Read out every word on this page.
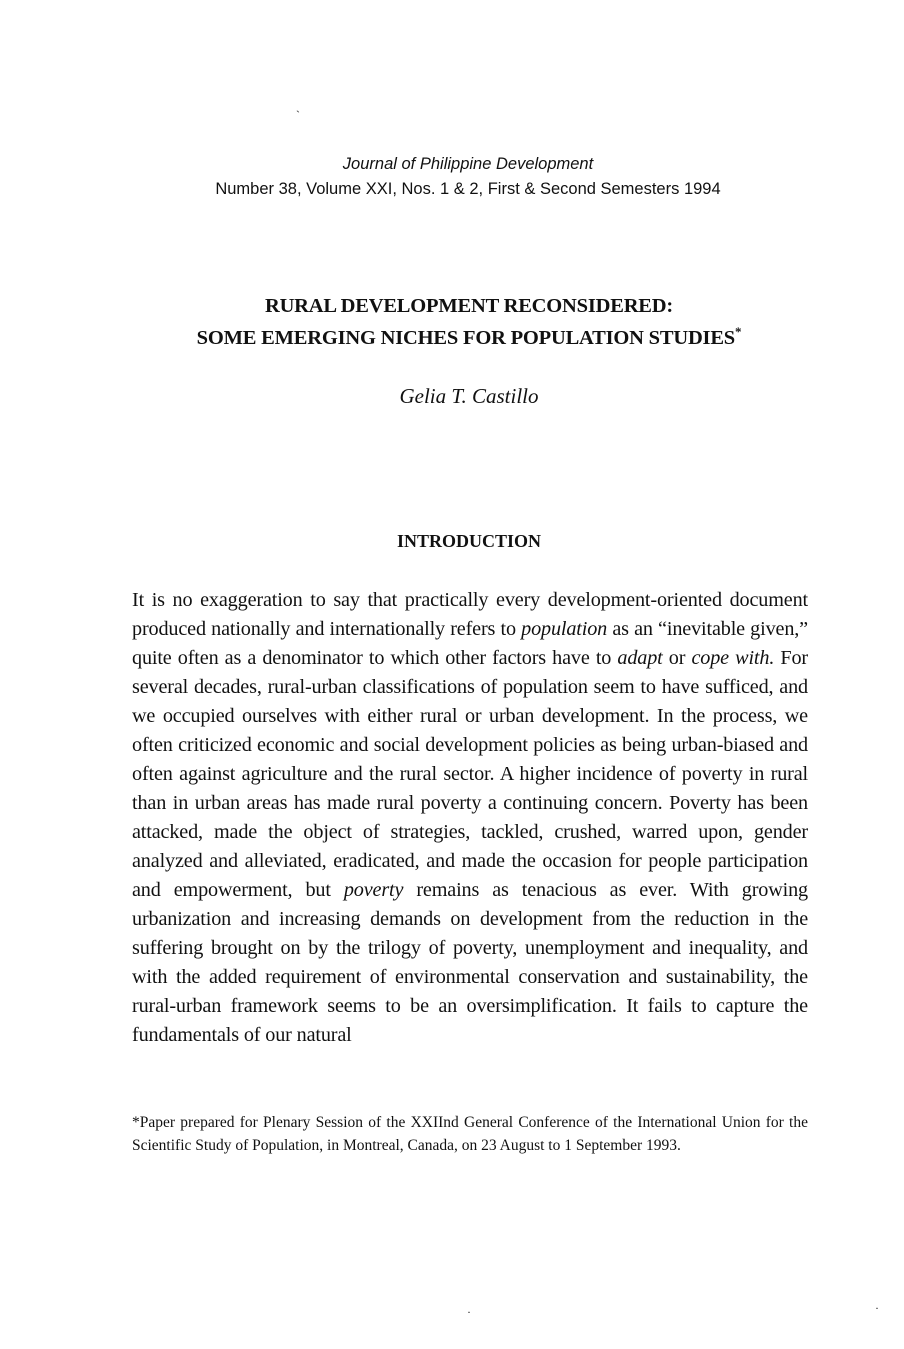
ˏ
Journal of Philippine Development
Number 38, Volume XXI, Nos. 1 & 2, First & Second Semesters 1994
RURAL DEVELOPMENT RECONSIDERED:
SOME EMERGING NICHES FOR POPULATION STUDIES*
Gelia T. Castillo
INTRODUCTION

It is no exaggeration to say that practically every development-oriented document produced nationally and internationally refers to population as an “inevitable given,” quite often as a denominator to which other factors have to adapt or cope with. For several decades, rural-urban classifications of population seem to have sufficed, and we occupied ourselves with either rural or urban development. In the process, we often criticized economic and social development policies as being urban-biased and often against agriculture and the rural sector. A higher incidence of poverty in rural than in urban areas has made rural poverty a continuing concern. Poverty has been attacked, made the object of strategies, tackled, crushed, warred upon, gender analyzed and alleviated, eradicated, and made the occasion for people participation and empowerment, but poverty remains as tenacious as ever. With growing urbanization and increasing demands on development from the reduction in the suffering brought on by the trilogy of poverty, unemployment and inequality, and with the added requirement of environmental conservation and sustainability, the rural-urban framework seems to be an oversimplification. It fails to capture the fundamentals of our natural

*Paper prepared for Plenary Session of the XXIInd General Conference of the International Union for the Scientific Study of Population, in Montreal, Canada, on 23 August to 1 September 1993.
·	·
